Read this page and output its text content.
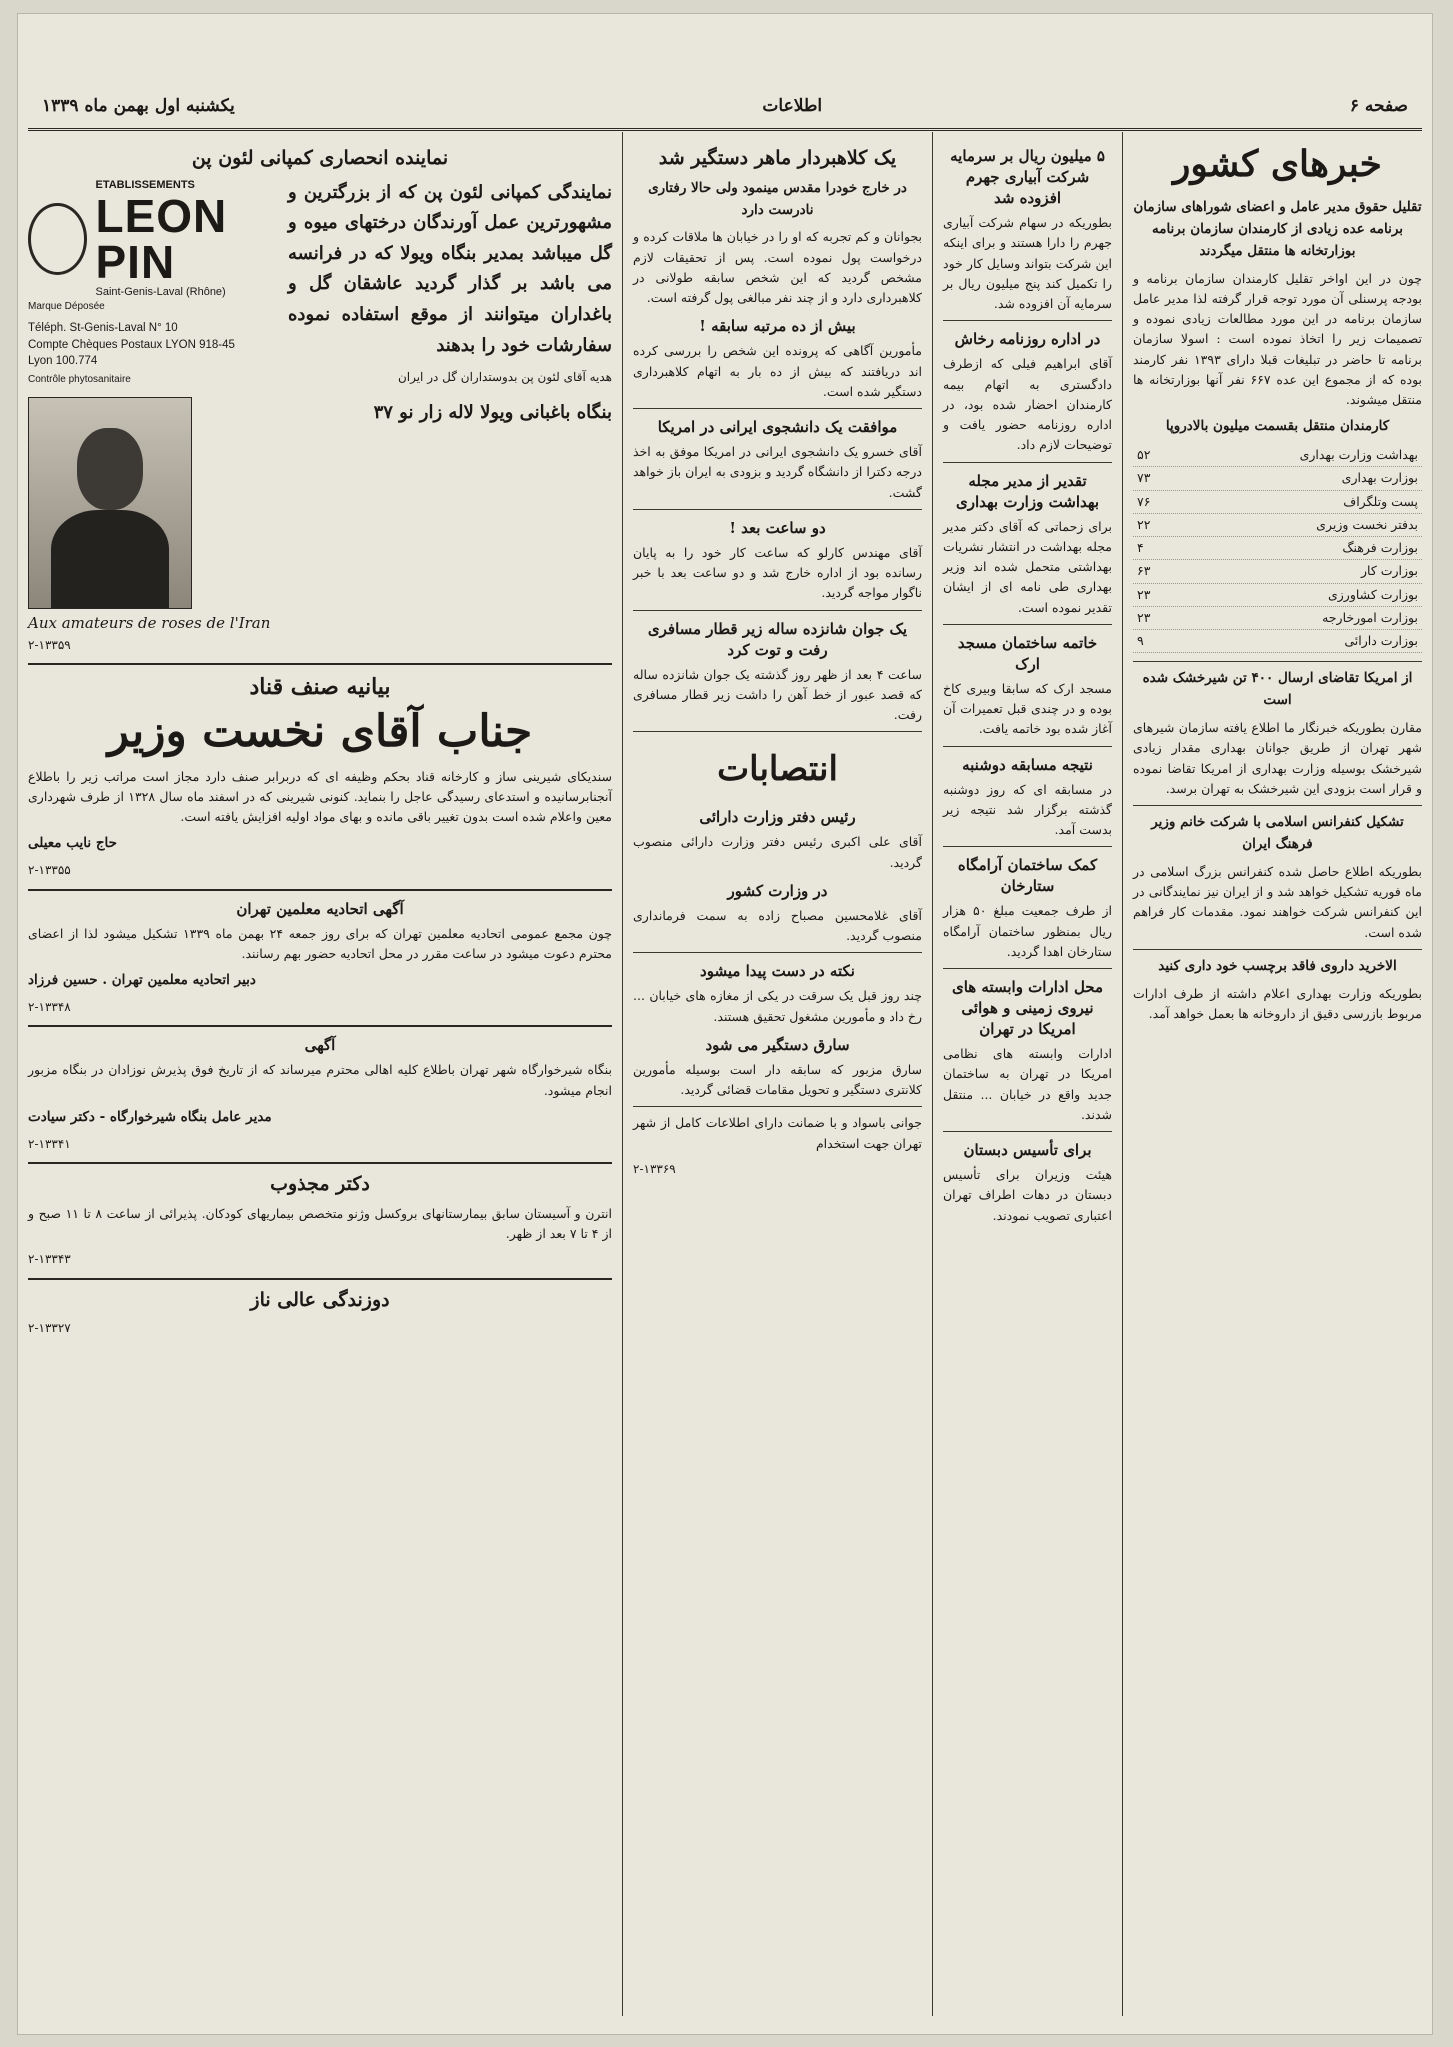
صفحه ۶
اطلاعات
یکشنبه اول بهمن ماه ۱۳۳۹
خبرهای کشور
تقلیل حقوق مدیر عامل و اعضای شوراهای سازمان برنامه عده زیادی از کارمندان سازمان برنامه بوزارتخانه ها منتقل میگردند

چون در این اواخر تقلیل کارمندان سازمان برنامه و بودجه پرسنلی آن مورد توجه قرار گرفته لذا مدیر عامل سازمان برنامه در این مورد مطالعات زیادی نموده و تصمیمات زیر را اتخاذ نموده است : اسولا سازمان برنامه تا حاضر در تبلیغات قبلا دارای ۱۳۹۳ نفر کارمند بوده که از مجموع این عده ۶۶۷ نفر آنها بوزارتخانه ها منتقل میشوند.

کارمندان منتقل بقسمت میلیون بالادروپا
بهداشت وزارت بهداری
۵۲
بوزارت بهداری
۷۳
پست وتلگراف
۷۶
بدفتر نخست وزیری
۲۲
بوزارت فرهنگ
۴
بوزارت کار
۶۳
بوزارت کشاورزی
۲۳
بوزارت امورخارجه
۲۳
بوزارت دارائی
۹
از امریکا تقاضای ارسال ۴۰۰ تن شیرخشک شده است

مقارن بطوریکه خبرنگار ما اطلاع یافته سازمان شیرهای شهر تهران از طریق جوانان بهداری مقدار زیادی شیرخشک بوسیله وزارت بهداری از امریکا تقاضا نموده و قرار است بزودی این شیرخشک به تهران برسد.

تشکیل کنفرانس اسلامی با شرکت خانم وزیر فرهنگ ایران

بطوریکه اطلاع حاصل شده کنفرانس بزرگ اسلامی در ماه فوریه تشکیل خواهد شد و از ایران نیز نمایندگانی در این کنفرانس شرکت خواهند نمود. مقدمات کار فراهم شده است.

الاخرید داروی فاقد برچسب خود داری کنید

بطوریکه وزارت بهداری اعلام داشته از طرف ادارات مربوط بازرسی دقیق از داروخانه ها بعمل خواهد آمد.

۵ میلیون ریال بر سرمایه شرکت آبیاری جهرم افزوده شد

بطوریکه در سهام شرکت آبیاری جهرم را دارا هستند و برای اینکه این شرکت بتواند وسایل کار خود را تکمیل کند پنج میلیون ریال بر سرمایه آن افزوده شد.

در اداره روزنامه رخاش

آقای ابراهیم فیلی که ازطرف دادگستری به اتهام بیمه کارمندان احضار شده بود، در اداره روزنامه حضور یافت و توضیحات لازم داد.

تقدیر از مدیر مجله بهداشت وزارت بهداری

برای زحماتی که آقای دکتر مدیر مجله بهداشت در انتشار نشریات بهداشتی متحمل شده اند وزیر بهداری طی نامه ای از ایشان تقدیر نموده است.

خاتمه ساختمان مسجد ارک

مسجد ارک که سابقا وبیری کاخ بوده و در چندی قبل تعمیرات آن آغاز شده بود خاتمه یافت.

نتیجه مسابقه دوشنبه

در مسابقه ای که روز دوشنبه گذشته برگزار شد نتیجه زیر بدست آمد.

کمک ساختمان آرامگاه ستارخان

از طرف جمعیت مبلغ ۵۰ هزار ریال بمنظور ساختمان آرامگاه ستارخان اهدا گردید.

محل ادارات وابسته های نیروی زمینی و هوائی امریکا در تهران

ادارات وابسته های نظامی امریکا در تهران به ساختمان جدید واقع در خیابان ... منتقل شدند.

برای تأسیس دبستان

هیئت وزیران برای تأسیس دبستان در دهات اطراف تهران اعتباری تصویب نمودند.

یک کلاهبردار ماهر دستگیر شد
در خارج خودرا مقدس مینمود ولی حالا رفتاری نادرست دارد

بجوانان و کم تجربه که او را در خیابان ها ملاقات کرده و درخواست پول نموده است. پس از تحقیقات لازم مشخص گردید که این شخص سابقه طولانی در کلاهبرداری دارد و از چند نفر مبالغی پول گرفته است.

بیش از ده مرتبه سابقه !

مأمورین آگاهی که پرونده این شخص را بررسی کرده اند دریافتند که بیش از ده بار به اتهام کلاهبرداری دستگیر شده است.

موافقت یک دانشجوی ایرانی در امریکا

آقای خسرو یک دانشجوی ایرانی در امریکا موفق به اخذ درجه دکترا از دانشگاه گردید و بزودی به ایران باز خواهد گشت.

دو ساعت بعد !

آقای مهندس کارلو که ساعت کار خود را به پایان رسانده بود از اداره خارج شد و دو ساعت بعد با خبر ناگوار مواجه گردید.

یک جوان شانزده ساله زیر قطار مسافری رفت و توت کرد

ساعت ۴ بعد از ظهر روز گذشته یک جوان شانزده ساله که قصد عبور از خط آهن را داشت زیر قطار مسافری رفت.

انتصابات
رئیس دفتر وزارت دارائی

آقای علی اکبری رئیس دفتر وزارت دارائی منصوب گردید.

در وزارت کشور

آقای غلامحسین مصباح زاده به سمت فرمانداری منصوب گردید.

نکته در دست پیدا میشود

چند روز قبل یک سرقت در یکی از مغازه های خیابان ... رخ داد و مأمورین مشغول تحقیق هستند.

سارق دستگیر می شود

سارق مزبور که سابقه دار است بوسیله مأمورین کلانتری دستگیر و تحویل مقامات قضائی گردید.

جوانی باسواد و با ضمانت دارای اطلاعات کامل از شهر تهران جهت استخدام

۲-۱۳۳۶۹
نماینده انحصاری کمپانی لئون پن
ETABLISSEMENTS
LEON PIN
Saint-Genis-Laval (Rhône)
Marque Déposée
Téléph. St-Genis-Laval N° 10
Compte Chèques Postaux LYON 918-45
Lyon 100.774
Contrôle phytosanitaire
Aux amateurs de roses de l'Iran
نمایندگی کمپانی لئون پن که از بزرگترین و مشهورترین عمل آورندگان درختهای میوه و گل میباشد بمدیر بنگاه ویولا که در فرانسه می باشد بر گذار گردید عاشقان گل و باغداران میتوانند از موقع استفاده نموده سفارشات خود را بدهند
هدیه آقای لئون پن بدوستداران گل در ایران
بنگاه باغبانی ویولا لاله زار نو ۳۷
۲-۱۳۳۵۹
بیانیه صنف قناد
جناب آقای نخست وزیر

سندیکای شیرینی ساز و کارخانه قناد بحکم وظیفه ای که دربرابر صنف دارد مجاز است مراتب زیر را باطلاع آنجنابرسانیده و استدعای رسیدگی عاجل را بنماید. کنونی شیرینی که در اسفند ماه سال ۱۳۲۸ از طرف شهرداری معین واعلام شده است بدون تغییر باقی مانده و بهای مواد اولیه افزایش یافته است.

حاج نایب معیلی
۲-۱۳۳۵۵
آگهی اتحادیه معلمین تهران

چون مجمع عمومی اتحادیه معلمین تهران که برای روز جمعه ۲۴ بهمن ماه ۱۳۳۹ تشکیل میشود لذا از اعضای محترم دعوت میشود در ساعت مقرر در محل اتحادیه حضور بهم رسانند.

دبیر اتحادیه معلمین تهران . حسین فرزاد
۲-۱۳۳۴۸
آگهی

بنگاه شیرخوارگاه شهر تهران باطلاع کلیه اهالی محترم میرساند که از تاریخ فوق پذیرش نوزادان در بنگاه مزبور انجام میشود.

مدیر عامل بنگاه شیرخوارگاه - دکتر سیادت
۲-۱۳۳۴۱
دکتر مجذوب

انترن و آسیستان سابق بیمارستانهای بروکسل وژنو متخصص بیماریهای کودکان. پذیرائی از ساعت ۸ تا ۱۱ صبح و از ۴ تا ۷ بعد از ظهر.

۲-۱۳۳۴۳
دوزندگی عالی ناز
۲-۱۳۳۲۷
